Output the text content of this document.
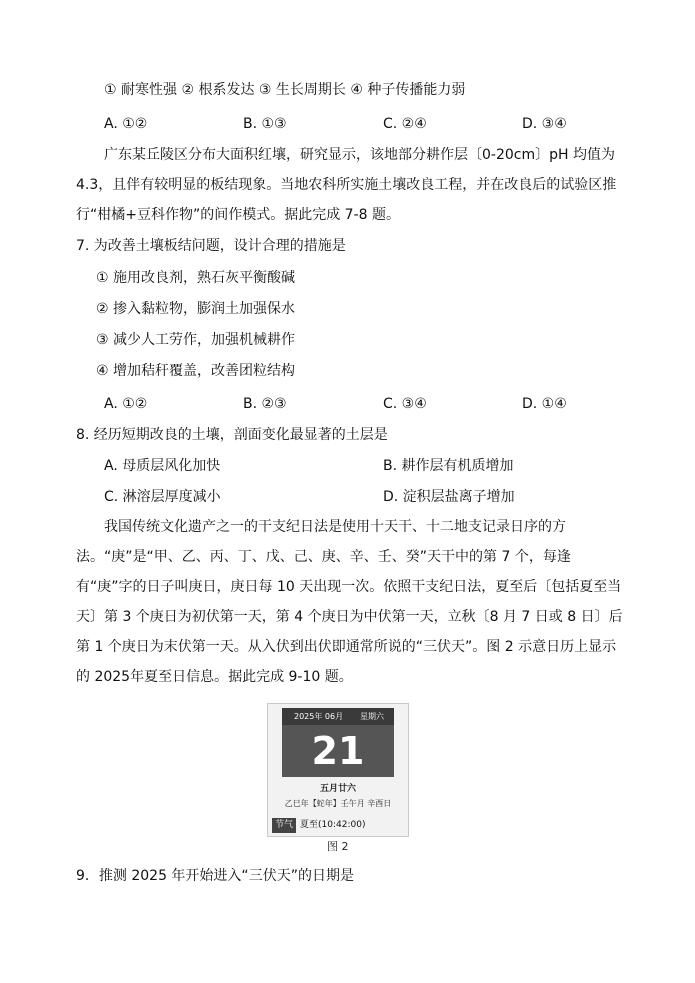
① 耐寒性强 ② 根系发达 ③ 生长周期长 ④ 种子传播能力弱
A. ①②	B. ①③	C. ②④	D. ③④
广东某丘陵区分布大面积红壤，研究显示，该地部分耕作层〔0-20cm〕pH 均值为4.3，且伴有较明显的板结现象。当地农科所实施土壤改良工程，并在改良后的试验区推行“柑橘+豆科作物”的间作模式。据此完成 7-8 题。
7. 为改善土壤板结问题，设计合理的措施是
① 施用改良剂，熟石灰平衡酸碱
② 掺入黏粒物，膨润土加强保水
③ 减少人工劳作，加强机械耕作
④ 增加秸秆覆盖，改善团粒结构
A. ①②	B. ②③	C. ③④	D. ①④
8. 经历短期改良的土壤，剖面变化最显著的土层是
A. 母质层风化加快	B. 耕作层有机质增加
C. 淋溶层厚度减小	D. 淀积层盐离子增加
我国传统文化遗产之一的干支纪日法是使用十天干、十二地支记录日序的方法。“庚”是“甲、乙、丙、丁、戊、己、庚、辛、壬、癸”天干中的第 7 个，每逢有“庚”字的日子叫庚日，庚日每 10 天出现一次。依照干支纪日法，夏至后〔包括夏至当天〕第 3 个庚日为初伏第一天，第 4 个庚日为中伏第一天，立秋〔8 月 7 日或 8 日〕后第 1 个庚日为末伏第一天。从入伏到出伏即通常所说的“三伏天”。图 2 示意日历上显示的 2025年夏至日信息。据此完成 9-10 题。
2025年 06月 星期六
21
五月廿六
乙巳年【蛇年】壬午月 辛酉日
节气 夏至(10:42:00)
图 2
9．推测 2025 年开始进入“三伏天”的日期是
